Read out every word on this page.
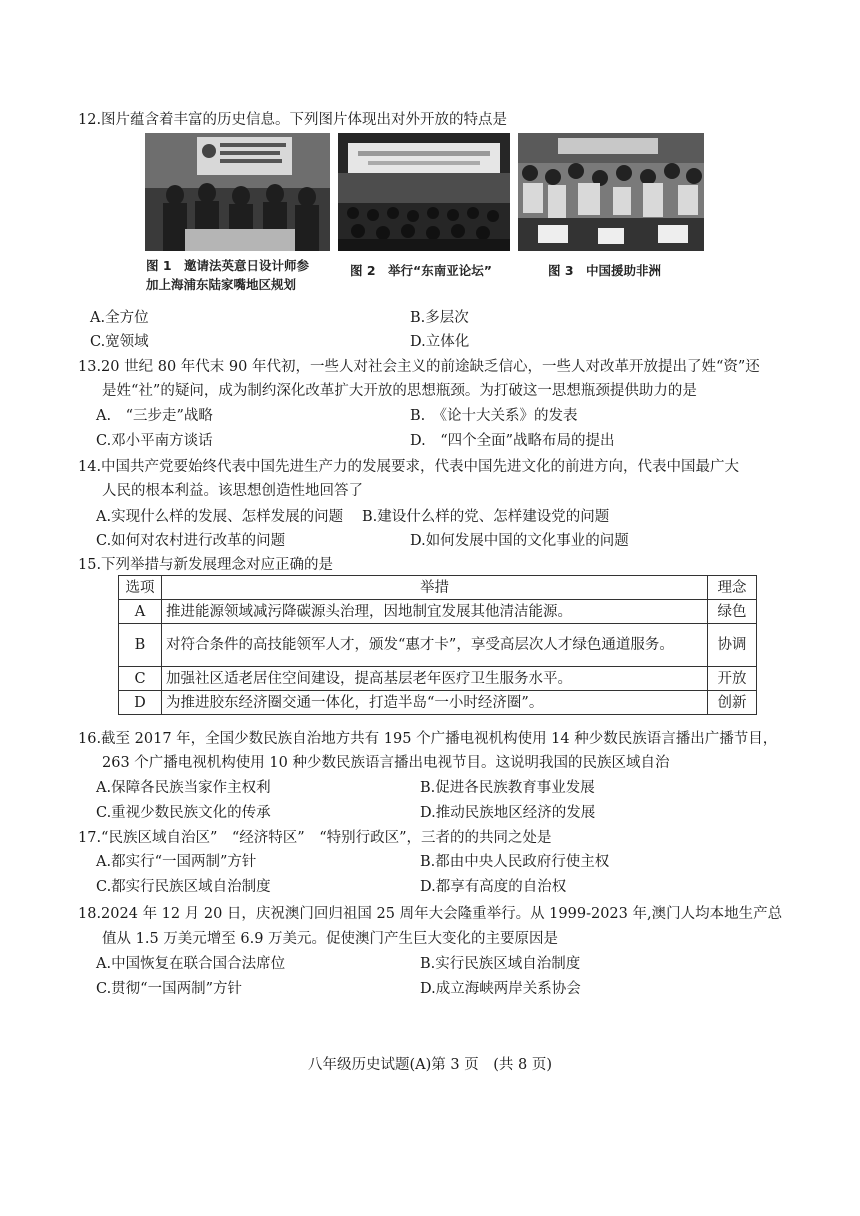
12.图片蕴含着丰富的历史信息。下列图片体现出对外开放的特点是
图 1　邀请法英意日设计师参
加上海浦东陆家嘴地区规划
图 2　举行“东南亚论坛”	图 3　中国援助非洲
A.全方位	B.多层次
C.宽领域	D.立体化
13.20 世纪 80 年代末 90 年代初，一些人对社会主义的前途缺乏信心，一些人对改革开放提出了姓“资”还
是姓“社”的疑问，成为制约深化改革扩大开放的思想瓶颈。为打破这一思想瓶颈提供助力的是
A.　“三步走”战略	B.　《论十大关系》的发表
C.邓小平南方谈话	D.　“四个全面”战略布局的提出
14.中国共产党要始终代表中国先进生产力的发展要求，代表中国先进文化的前进方向，代表中国最广大
人民的根本利益。该思想创造性地回答了
A.实现什么样的发展、怎样发展的问题 B.建设什么样的党、怎样建设党的问题
C.如何对农村进行改革的问题	D.如何发展中国的文化事业的问题
15.下列举措与新发展理念对应正确的是
选项	举措	理念
A	推进能源领域减污降碳源头治理，因地制宜发展其他清洁能源。	绿色
B	对符合条件的高技能领军人才，颁发“惠才卡”，享受高层次人才绿色通道服务。	协调
C	加强社区适老居住空间建设，提高基层老年医疗卫生服务水平。	开放
D	为推进胶东经济圈交通一体化，打造半岛“一小时经济圈”。	创新
16.截至 2017 年，全国少数民族自治地方共有 195 个广播电视机构使用 14 种少数民族语言播出广播节目，
263 个广播电视机构使用 10 种少数民族语言播出电视节目。这说明我国的民族区域自治
A.保障各民族当家作主权利	B.促进各民族教育事业发展
C.重视少数民族文化的传承	D.推动民族地区经济的发展
17.“民族区域自治区”　“经济特区”　“特别行政区”，三者的的共同之处是
A.都实行“一国两制”方针	B.都由中央人民政府行使主权
C.都实行民族区域自治制度	D.都享有高度的自治权
18.2024 年 12 月 20 日，庆祝澳门回归祖国 25 周年大会隆重举行。从 1999-2023 年,澳门人均本地生产总
值从 1.5 万美元增至 6.9 万美元。促使澳门产生巨大变化的主要原因是
A.中国恢复在联合国合法席位	B.实行民族区域自治制度
C.贯彻“一国两制”方针	D.成立海峡两岸关系协会
八年级历史试题(A)第 3 页　(共 8 页)
